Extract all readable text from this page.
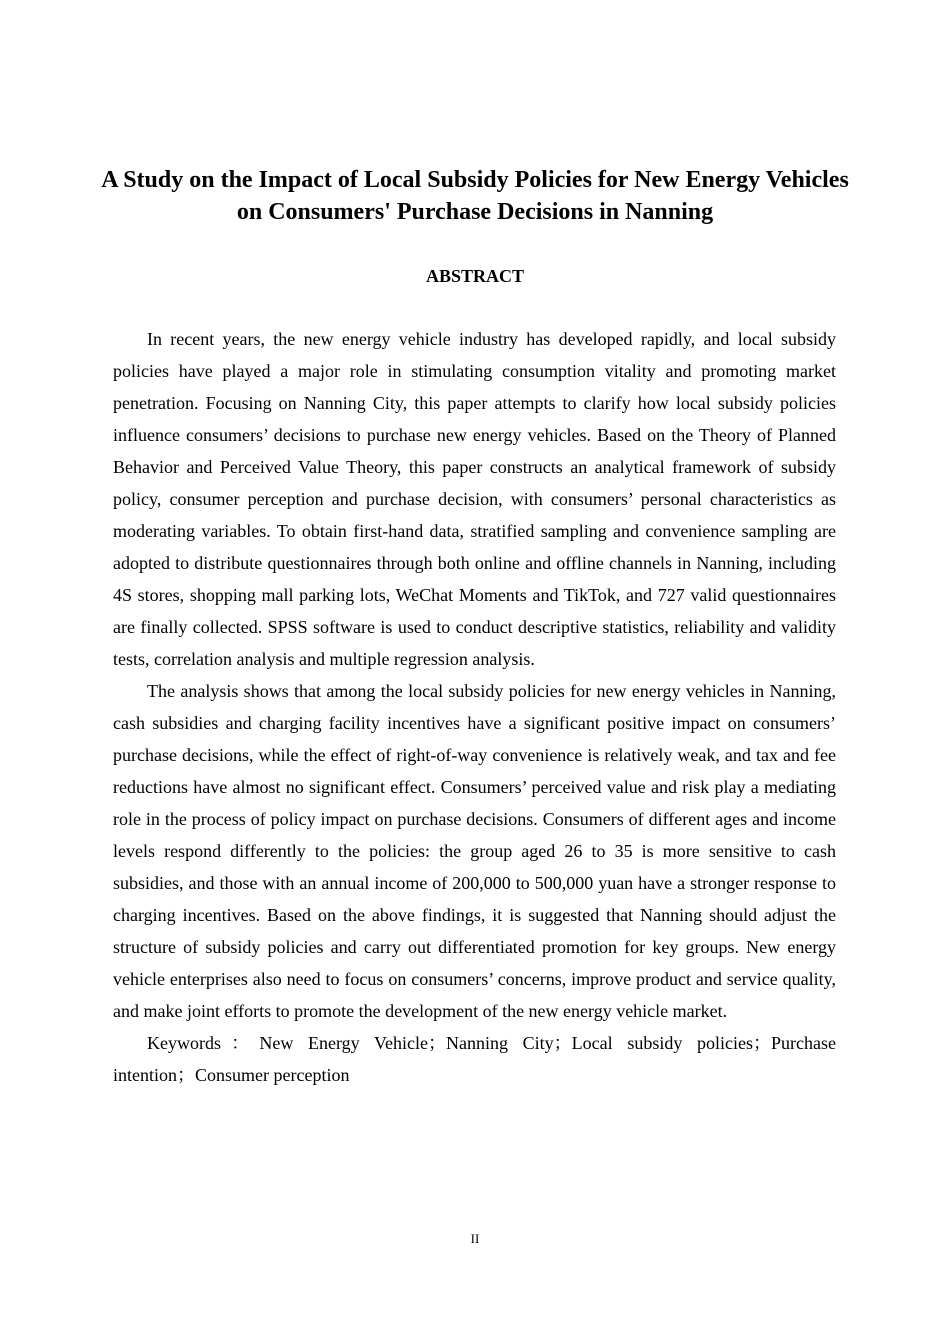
A Study on the Impact of Local Subsidy Policies for New Energy Vehicles on Consumers' Purchase Decisions in Nanning
ABSTRACT

In recent years, the new energy vehicle industry has developed rapidly, and local subsidy policies have played a major role in stimulating consumption vitality and promoting market penetration. Focusing on Nanning City, this paper attempts to clarify how local subsidy policies influence consumers’ decisions to purchase new energy vehicles. Based on the Theory of Planned Behavior and Perceived Value Theory, this paper constructs an analytical framework of subsidy policy, consumer perception and purchase decision, with consumers’ personal characteristics as moderating variables. To obtain first-hand data, stratified sampling and convenience sampling are adopted to distribute questionnaires through both online and offline channels in Nanning, including 4S stores, shopping mall parking lots, WeChat Moments and TikTok, and 727 valid questionnaires are finally collected. SPSS software is used to conduct descriptive statistics, reliability and validity tests, correlation analysis and multiple regression analysis.

The analysis shows that among the local subsidy policies for new energy vehicles in Nanning, cash subsidies and charging facility incentives have a significant positive impact on consumers’ purchase decisions, while the effect of right-of-way convenience is relatively weak, and tax and fee reductions have almost no significant effect. Consumers’ perceived value and risk play a mediating role in the process of policy impact on purchase decisions. Consumers of different ages and income levels respond differently to the policies: the group aged 26 to 35 is more sensitive to cash subsidies, and those with an annual income of 200,000 to 500,000 yuan have a stronger response to charging incentives. Based on the above findings, it is suggested that Nanning should adjust the structure of subsidy policies and carry out differentiated promotion for key groups. New energy vehicle enterprises also need to focus on consumers’ concerns, improve product and service quality, and make joint efforts to promote the development of the new energy vehicle market.

Keywords：New Energy Vehicle；Nanning City；Local subsidy policies；Purchase intention；Consumer perception

II
